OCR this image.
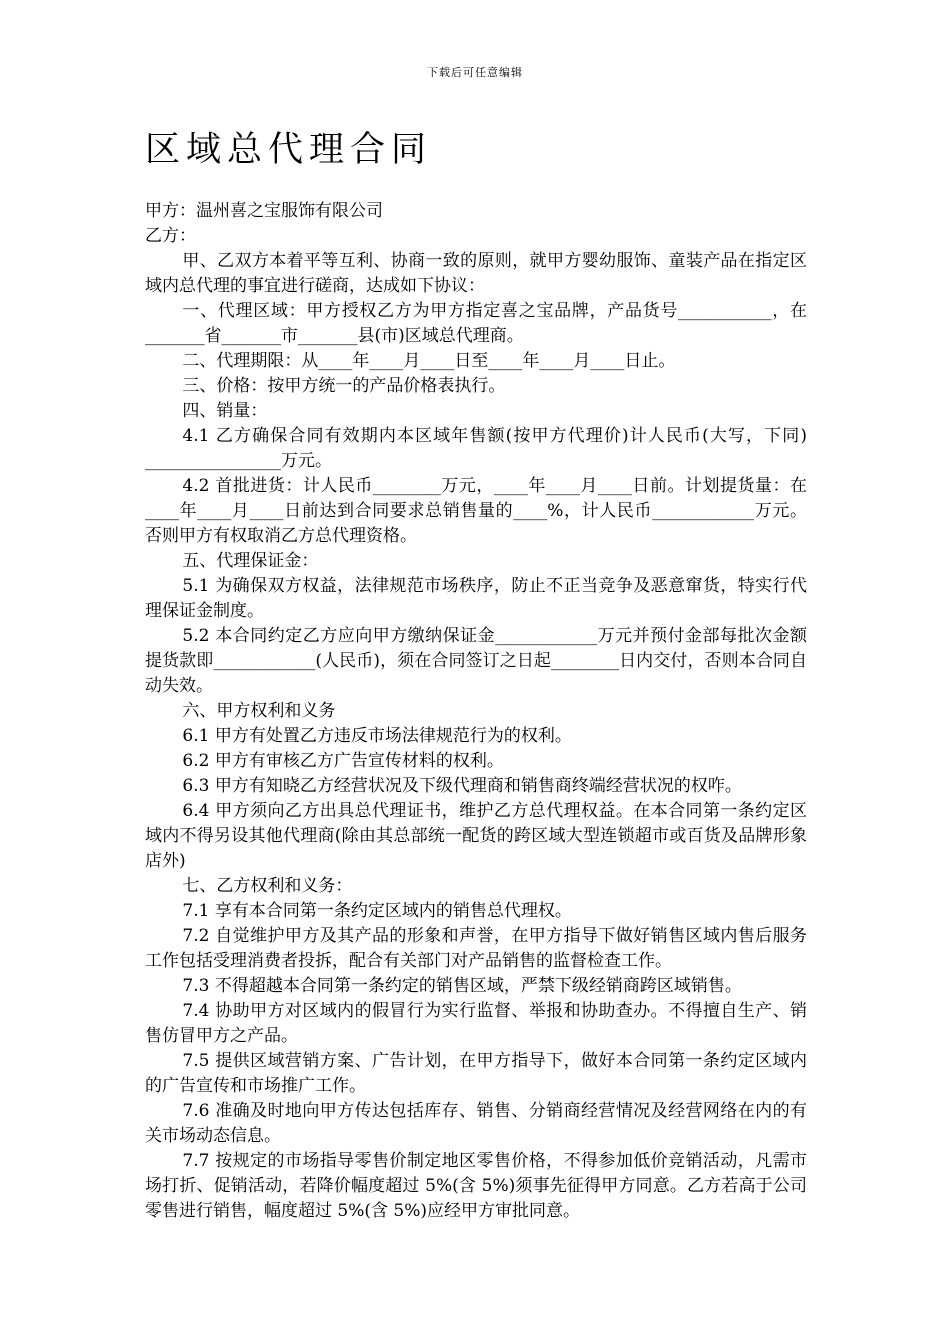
下载后可任意编辑
区域总代理合同

甲方：温州喜之宝服饰有限公司

乙方：

甲、乙双方本着平等互利、协商一致的原则，就甲方婴幼服饰、童装产品在指定区域内总代理的事宜进行磋商，达成如下协议：

一、代理区域：甲方授权乙方为甲方指定喜之宝品牌，产品货号___________，在_______省_______市_______县(市)区域总代理商。

二、代理期限：从____年____月____日至____年____月____日止。

三、价格：按甲方统一的产品价格表执行。

四、销量：

4.1 乙方确保合同有效期内本区域年售额(按甲方代理价)计人民币(大写，下同) ________________万元。

4.2 首批进货：计人民币________万元，____年____月____日前。计划提货量：在____年____月____日前达到合同要求总销售量的____%，计人民币____________万元。否则甲方有权取消乙方总代理资格。

五、代理保证金：

5.1 为确保双方权益，法律规范市场秩序，防止不正当竞争及恶意窜货，特实行代理保证金制度。

5.2 本合同约定乙方应向甲方缴纳保证金____________万元并预付金部每批次金额提货款即____________(人民币)，须在合同签订之日起________日内交付，否则本合同自动失效。

六、甲方权利和义务

6.1 甲方有处置乙方违反市场法律规范行为的权利。

6.2 甲方有审核乙方广告宣传材料的权利。

6.3 甲方有知晓乙方经营状况及下级代理商和销售商终端经营状况的权咋。

6.4 甲方须向乙方出具总代理证书，维护乙方总代理权益。在本合同第一条约定区域内不得另设其他代理商(除由其总部统一配货的跨区域大型连锁超市或百货及品牌形象店外)

七、乙方权利和义务：

7.1 享有本合同第一条约定区域内的销售总代理权。

7.2 自觉维护甲方及其产品的形象和声誉，在甲方指导下做好销售区域内售后服务工作包括受理消费者投拆，配合有关部门对产品销售的监督检查工作。

7.3 不得超越本合同第一条约定的销售区域，严禁下级经销商跨区域销售。

7.4 协助甲方对区域内的假冒行为实行监督、举报和协助查办。不得擅自生产、销售仿冒甲方之产品。

7.5 提供区域营销方案、广告计划，在甲方指导下，做好本合同第一条约定区域内的广告宣传和市场推广工作。

7.6 准确及时地向甲方传达包括库存、销售、分销商经营情况及经营网络在内的有关市场动态信息。

7.7 按规定的市场指导零售价制定地区零售价格，不得参加低价竞销活动，凡需市场打折、促销活动，若降价幅度超过 5%(含 5%)须事先征得甲方同意。乙方若高于公司零售进行销售，幅度超过 5%(含 5%)应经甲方审批同意。
